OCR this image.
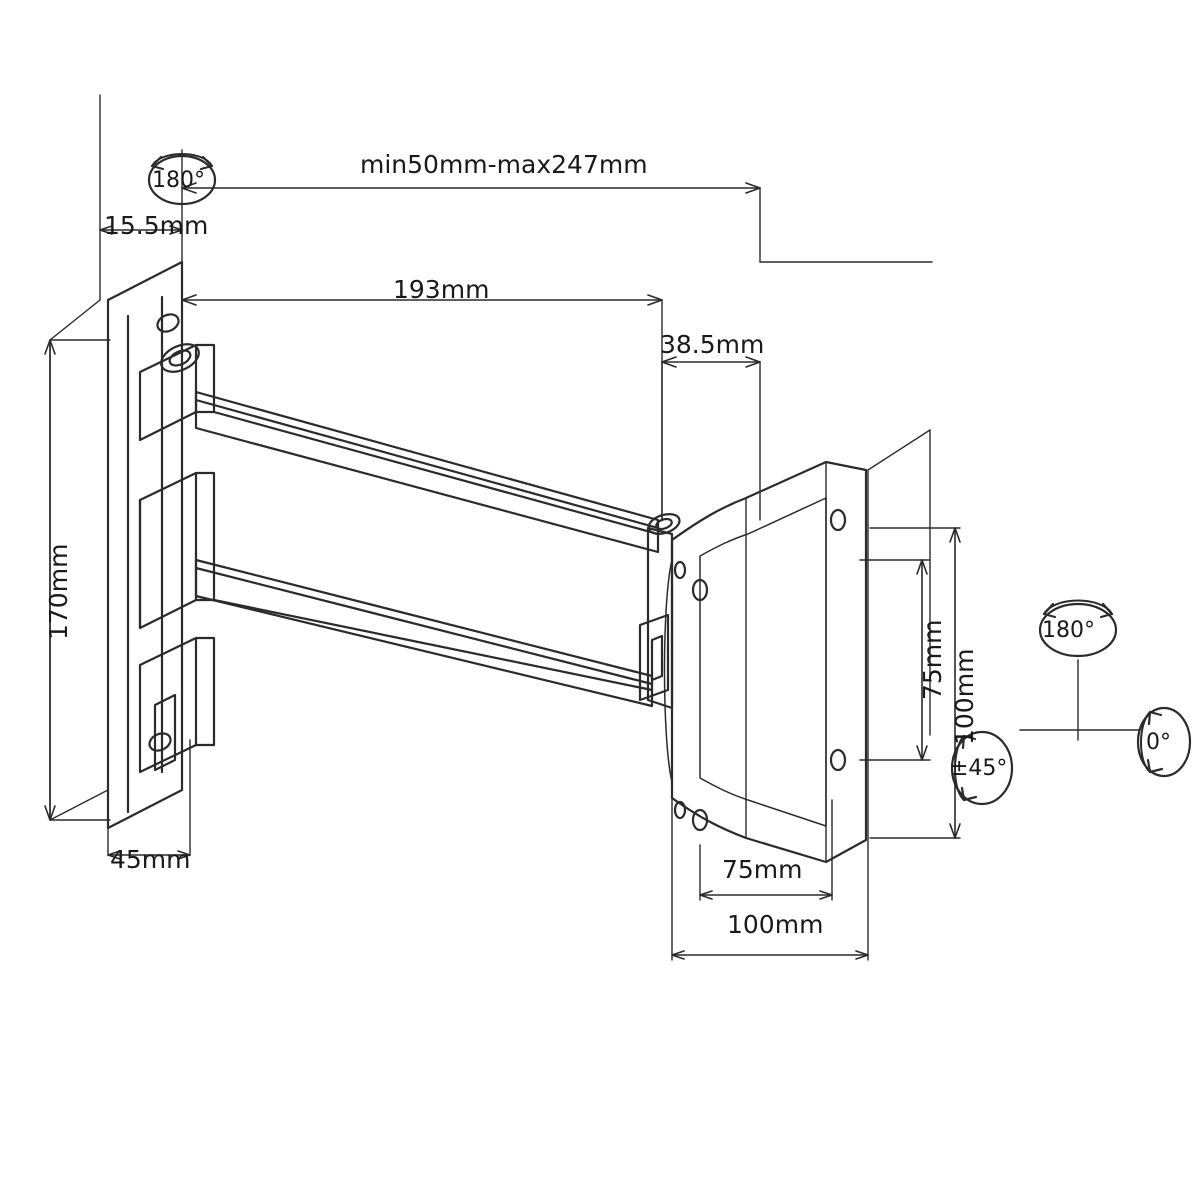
min50mm-max247mm
193mm
38.5mm
15.5mm
170mm
45mm
100mm
75mm
75mm
100mm
180°
180°
±45°
0°
